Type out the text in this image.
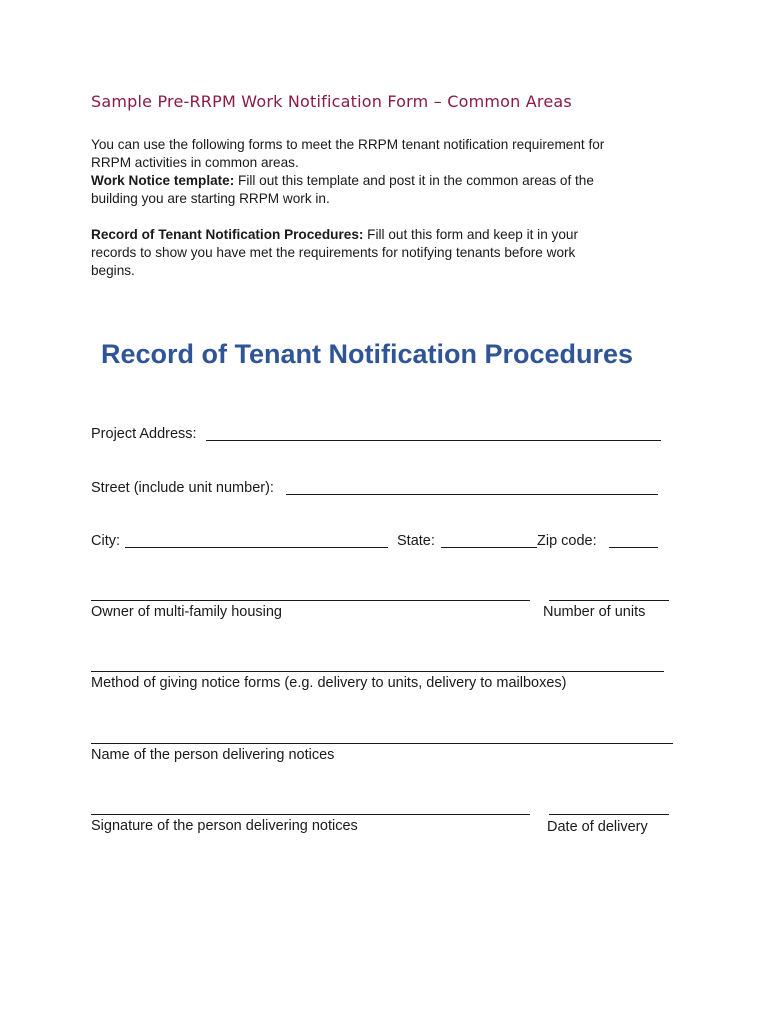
Sample Pre-RRPM Work Notification Form – Common Areas
You can use the following forms to meet the RRPM tenant notification requirement for
RRPM activities in common areas.
Work Notice template: Fill out this template and post it in the common areas of the
building you are starting RRPM work in.
Record of Tenant Notification Procedures: Fill out this form and keep it in your
records to show you have met the requirements for notifying tenants before work
begins.
Record of Tenant Notification Procedures
Project Address:
Street (include unit number):
City:	State:	Zip code:
Owner of multi-family housing	Number of units
Method of giving notice forms (e.g. delivery to units, delivery to mailboxes)
Name of the person delivering notices
Signature of the person delivering notices	Date of delivery
